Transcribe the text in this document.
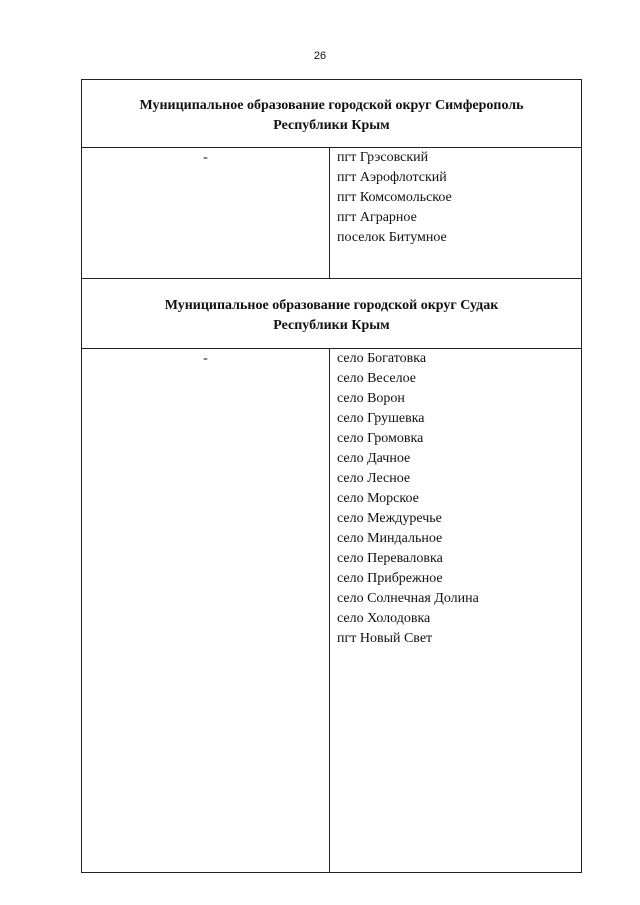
26
Муниципальное образование городской округ Симферополь
Республики Крым
-	пгт Грэсовский
пгт Аэрофлотский
пгт Комсомольское
пгт Аграрное
поселок Битумное
Муниципальное образование городской округ Судак
Республики Крым
-	село Богатовка
село Веселое
село Ворон
село Грушевка
село Громовка
село Дачное
село Лесное
село Морское
село Междуречье
село Миндальное
село Переваловка
село Прибрежное
село Солнечная Долина
село Холодовка
пгт Новый Свет
